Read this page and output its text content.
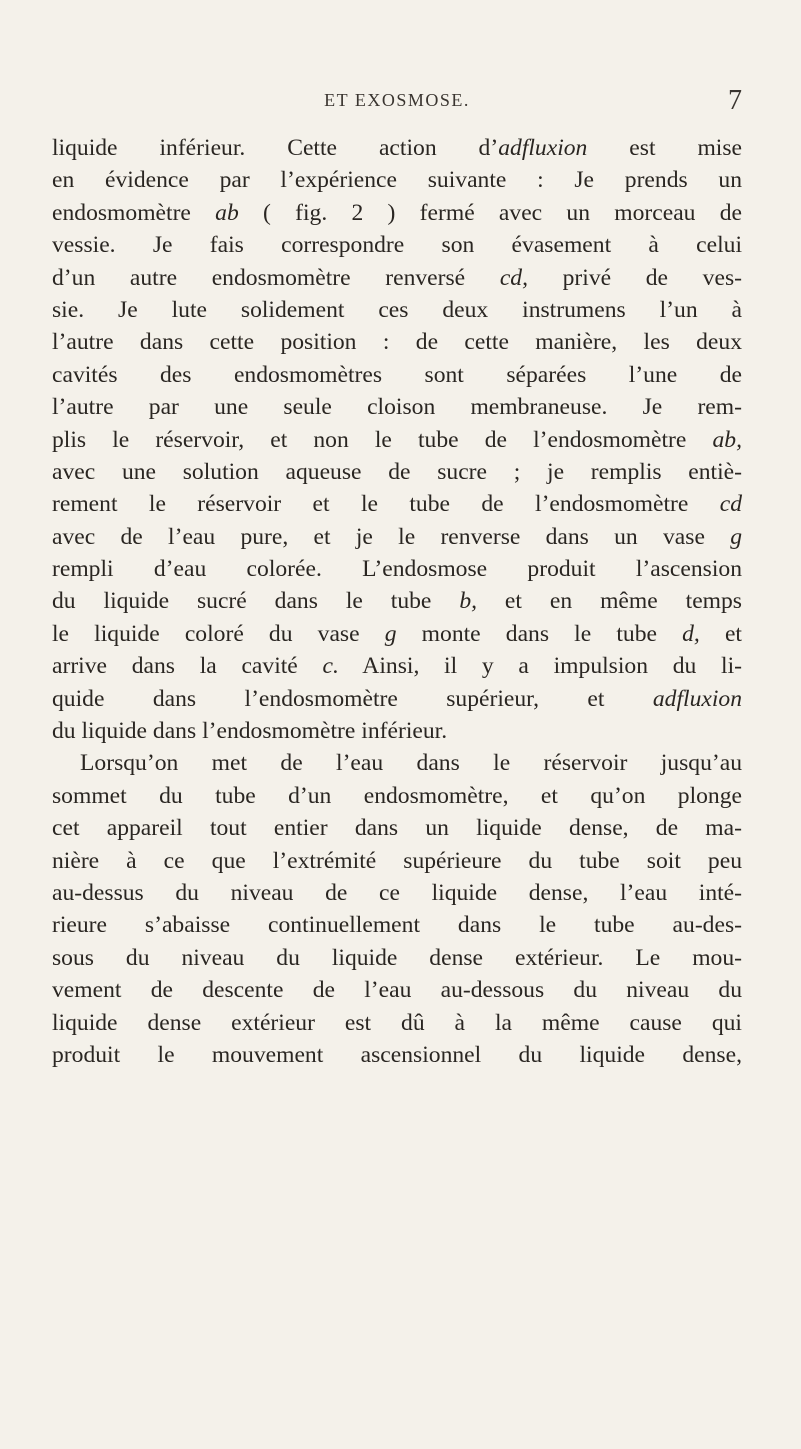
ET EXOSMOSE.	7
liquide inférieur. Cette action d’adfluxion est mise
en évidence par l’expérience suivante : Je prends un
endosmomètre ab ( fig. 2 ) fermé avec un morceau de
vessie. Je fais correspondre son évasement à celui
d’un autre endosmomètre renversé cd, privé de ves-
sie. Je lute solidement ces deux instrumens l’un à
l’autre dans cette position : de cette manière, les deux
cavités des endosmomètres sont séparées l’une de
l’autre par une seule cloison membraneuse. Je rem-
plis le réservoir, et non le tube de l’endosmomètre ab,
avec une solution aqueuse de sucre ; je remplis entiè-
rement le réservoir et le tube de l’endosmomètre cd
avec de l’eau pure, et je le renverse dans un vase g
rempli d’eau colorée. L’endosmose produit l’ascension
du liquide sucré dans le tube b, et en même temps
le liquide coloré du vase g monte dans le tube d, et
arrive dans la cavité c. Ainsi, il y a impulsion du li-
quide dans l’endosmomètre supérieur, et adfluxion
du liquide dans l’endosmomètre inférieur.
Lorsqu’on met de l’eau dans le réservoir jusqu’au
sommet du tube d’un endosmomètre, et qu’on plonge
cet appareil tout entier dans un liquide dense, de ma-
nière à ce que l’extrémité supérieure du tube soit peu
au-dessus du niveau de ce liquide dense, l’eau inté-
rieure s’abaisse continuellement dans le tube au-des-
sous du niveau du liquide dense extérieur. Le mou-
vement de descente de l’eau au-dessous du niveau du
liquide dense extérieur est dû à la même cause qui
produit le mouvement ascensionnel du liquide dense,
